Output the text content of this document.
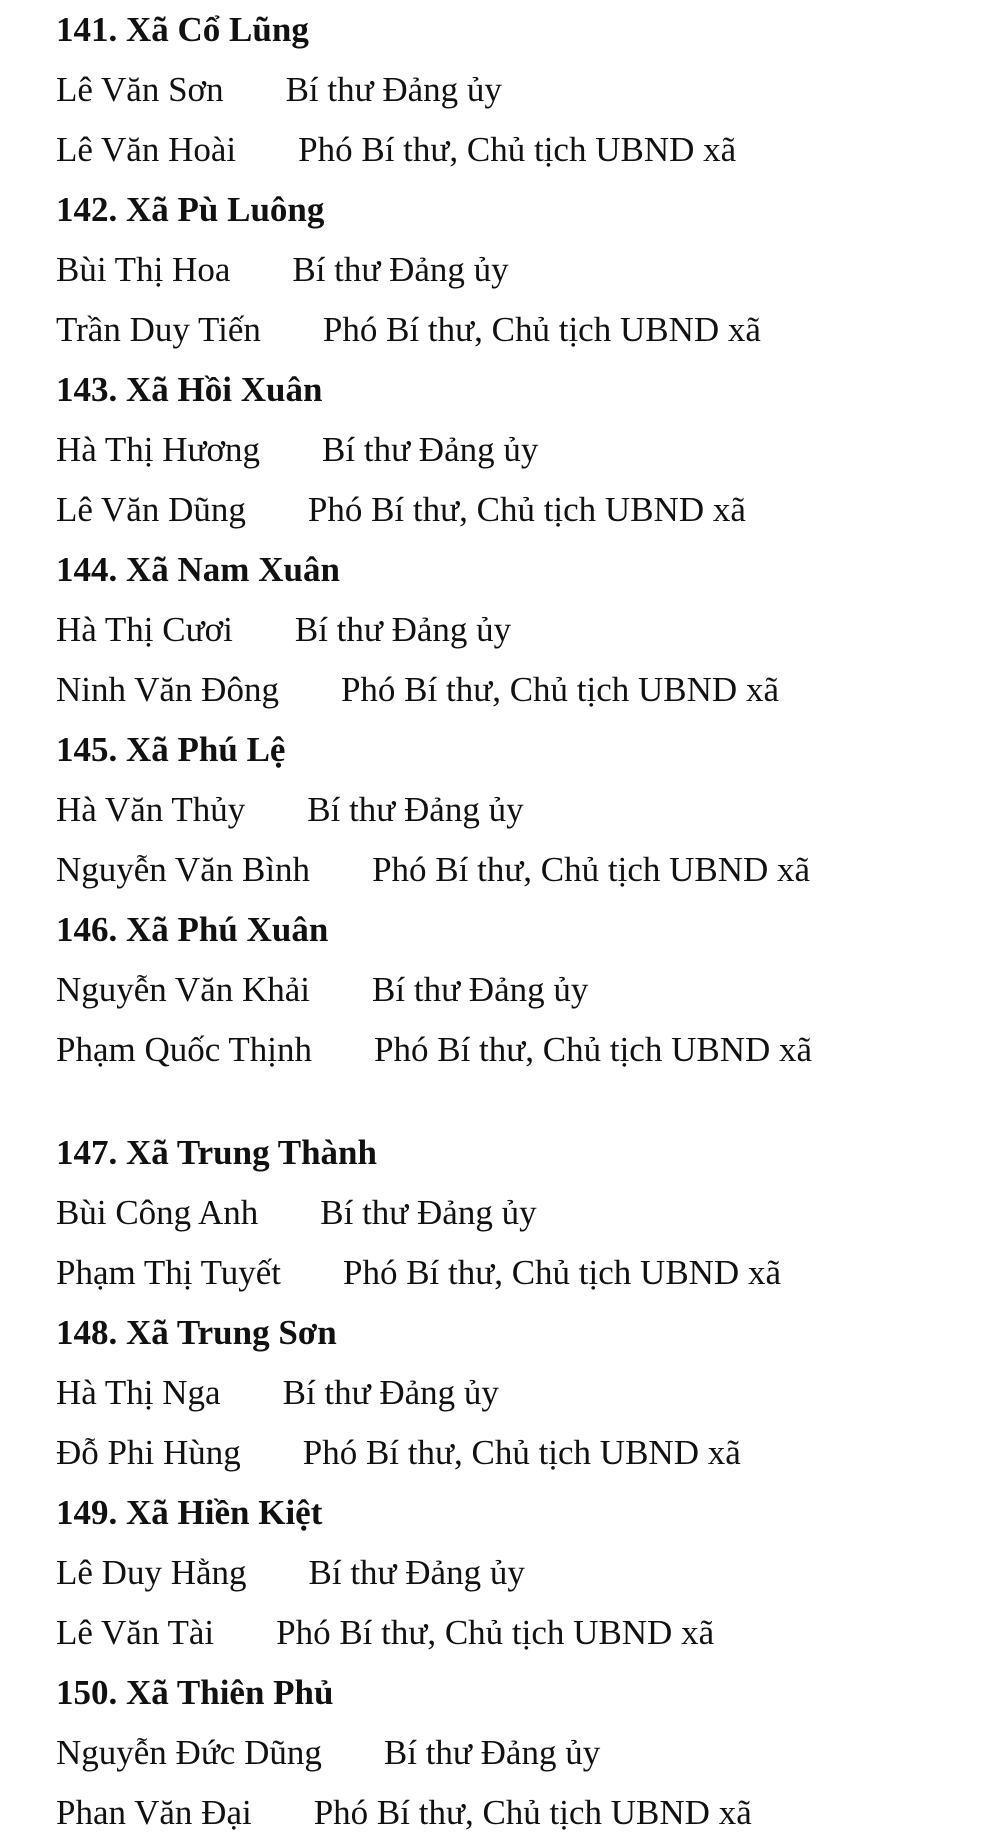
141. Xã Cổ Lũng
Lê Văn Sơn Bí thư Đảng ủy
Lê Văn Hoài Phó Bí thư, Chủ tịch UBND xã
142. Xã Pù Luông
Bùi Thị Hoa Bí thư Đảng ủy
Trần Duy Tiến Phó Bí thư, Chủ tịch UBND xã
143. Xã Hồi Xuân
Hà Thị Hương Bí thư Đảng ủy
Lê Văn Dũng Phó Bí thư, Chủ tịch UBND xã
144. Xã Nam Xuân
Hà Thị Cươi Bí thư Đảng ủy
Ninh Văn Đông Phó Bí thư, Chủ tịch UBND xã
145. Xã Phú Lệ
Hà Văn Thủy Bí thư Đảng ủy
Nguyễn Văn Bình Phó Bí thư, Chủ tịch UBND xã
146. Xã Phú Xuân
Nguyễn Văn Khải Bí thư Đảng ủy
Phạm Quốc Thịnh Phó Bí thư, Chủ tịch UBND xã
147. Xã Trung Thành
Bùi Công Anh Bí thư Đảng ủy
Phạm Thị Tuyết Phó Bí thư, Chủ tịch UBND xã
148. Xã Trung Sơn
Hà Thị Nga Bí thư Đảng ủy
Đỗ Phi Hùng Phó Bí thư, Chủ tịch UBND xã
149. Xã Hiền Kiệt
Lê Duy Hằng Bí thư Đảng ủy
Lê Văn Tài Phó Bí thư, Chủ tịch UBND xã
150. Xã Thiên Phủ
Nguyễn Đức Dũng Bí thư Đảng ủy
Phan Văn Đại Phó Bí thư, Chủ tịch UBND xã
